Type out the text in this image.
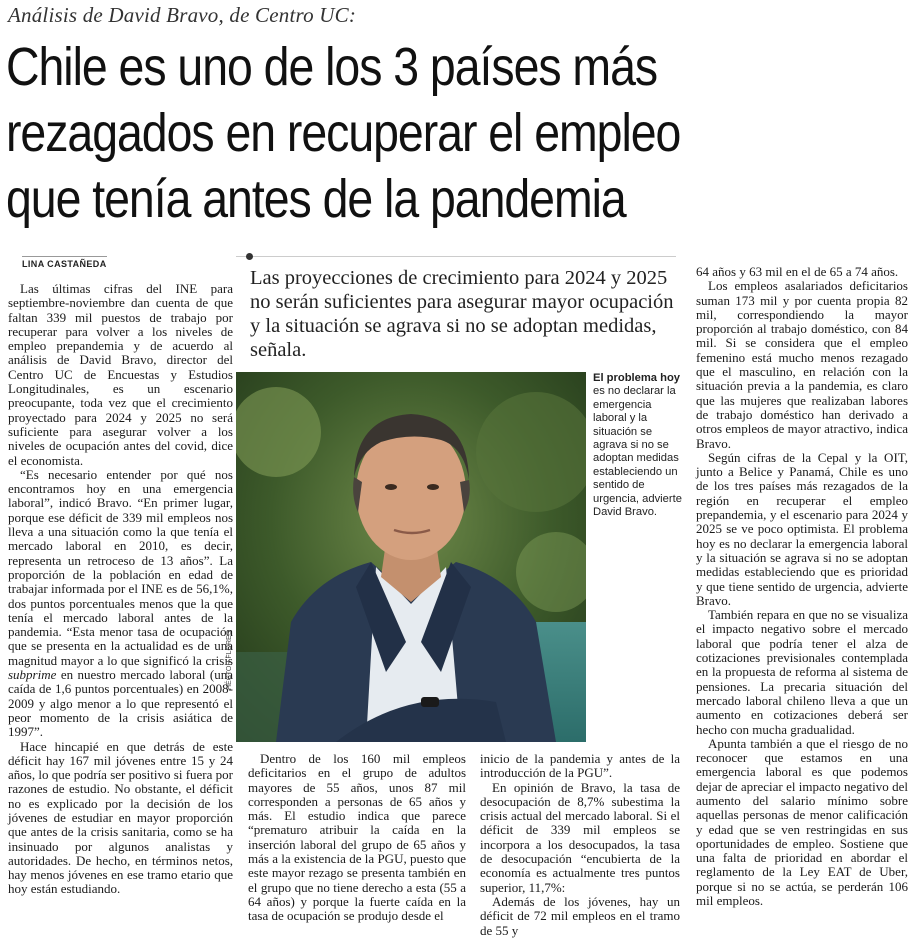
Análisis de David Bravo, de Centro UC:
Chile es uno de los 3 países más
rezagados en recuperar el empleo
que tenía antes de la pandemia
LINA CASTAÑEDA
Las proyecciones de crecimiento para 2024 y 2025 no serán suficientes para asegurar mayor ocupación y la situación se agrava si no se adoptan medidas, señala.

Las últimas cifras del INE para septiembre-noviembre dan cuenta de que faltan 339 mil puestos de trabajo por recuperar para volver a los niveles de empleo prepandemia y de acuerdo al análisis de David Bravo, director del Centro UC de Encuestas y Estudios Longitudinales, es un escenario preocupante, toda vez que el crecimiento proyectado para 2024 y 2025 no será suficiente para asegurar volver a los niveles de ocupación antes del covid, dice el economista.

“Es necesario entender por qué nos encontramos hoy en una emergencia laboral”, indicó Bravo. “En primer lugar, porque ese déficit de 339 mil empleos nos lleva a una situación como la que tenía el mercado laboral en 2010, es decir, representa un retroceso de 13 años”. La proporción de la población en edad de trabajar informada por el INE es de 56,1%, dos puntos porcentuales menos que la que tenía el mercado laboral antes de la pandemia. “Esta menor tasa de ocupación que se presenta en la actualidad es de una magnitud mayor a lo que significó la crisis subprime en nuestro mercado laboral (una caída de 1,6 puntos porcentuales) en 2008-2009 y algo menor a lo que representó el peor momento de la crisis asiática de 1997”.

Hace hincapié en que detrás de este déficit hay 167 mil jóvenes entre 15 y 24 años, lo que podría ser positivo si fuera por razones de estudio. No obstante, el déficit no es explicado por la decisión de los jóvenes de estudiar en mayor proporción que antes de la crisis sanitaria, como se ha insinuado por algunos analistas y autoridades. De hecho, en términos netos, hay menos jóvenes en ese tramo etario que hoy están estudiando.

HÉCTOR FLORES
El problema hoy es no declarar la emergencia laboral y la situación se agrava si no se adoptan medidas estableciendo un sentido de urgencia, advierte David Bravo.

Dentro de los 160 mil empleos deficitarios en el grupo de adultos mayores de 55 años, unos 87 mil corresponden a personas de 65 años y más. El estudio indica que parece “prematuro atribuir la caída en la inserción laboral del grupo de 65 años y más a la existencia de la PGU, puesto que este mayor rezago se presenta también en el grupo que no tiene derecho a esta (55 a 64 años) y porque la fuerte caída en la tasa de ocupación se produjo desde el

inicio de la pandemia y antes de la introducción de la PGU”.

En opinión de Bravo, la tasa de desocupación de 8,7% subestima la crisis actual del mercado laboral. Si el déficit de 339 mil empleos se incorpora a los desocupados, la tasa de desocupación “encubierta de la economía es actualmente tres puntos superior, 11,7%:

Además de los jóvenes, hay un déficit de 72 mil empleos en el tramo de 55 y

64 años y 63 mil en el de 65 a 74 años.

Los empleos asalariados deficitarios suman 173 mil y por cuenta propia 82 mil, correspondiendo la mayor proporción al trabajo doméstico, con 84 mil. Si se considera que el empleo femenino está mucho menos rezagado que el masculino, en relación con la situación previa a la pandemia, es claro que las mujeres que realizaban labores de trabajo doméstico han derivado a otros empleos de mayor atractivo, indica Bravo.

Según cifras de la Cepal y la OIT, junto a Belice y Panamá, Chile es uno de los tres países más rezagados de la región en recuperar el empleo prepandemia, y el escenario para 2024 y 2025 se ve poco optimista. El problema hoy es no declarar la emergencia laboral y la situación se agrava si no se adoptan medidas estableciendo que es prioridad y que tiene sentido de urgencia, advierte Bravo.

También repara en que no se visualiza el impacto negativo sobre el mercado laboral que podría tener el alza de cotizaciones previsionales contemplada en la propuesta de reforma al sistema de pensiones. La precaria situación del mercado laboral chileno lleva a que un aumento en cotizaciones deberá ser hecho con mucha gradualidad.

Apunta también a que el riesgo de no reconocer que estamos en una emergencia laboral es que podemos dejar de apreciar el impacto negativo del aumento del salario mínimo sobre aquellas personas de menor calificación y edad que se ven restringidas en sus oportunidades de empleo. Sostiene que una falta de prioridad en abordar el reglamento de la Ley EAT de Uber, porque si no se actúa, se perderán 106 mil empleos.
